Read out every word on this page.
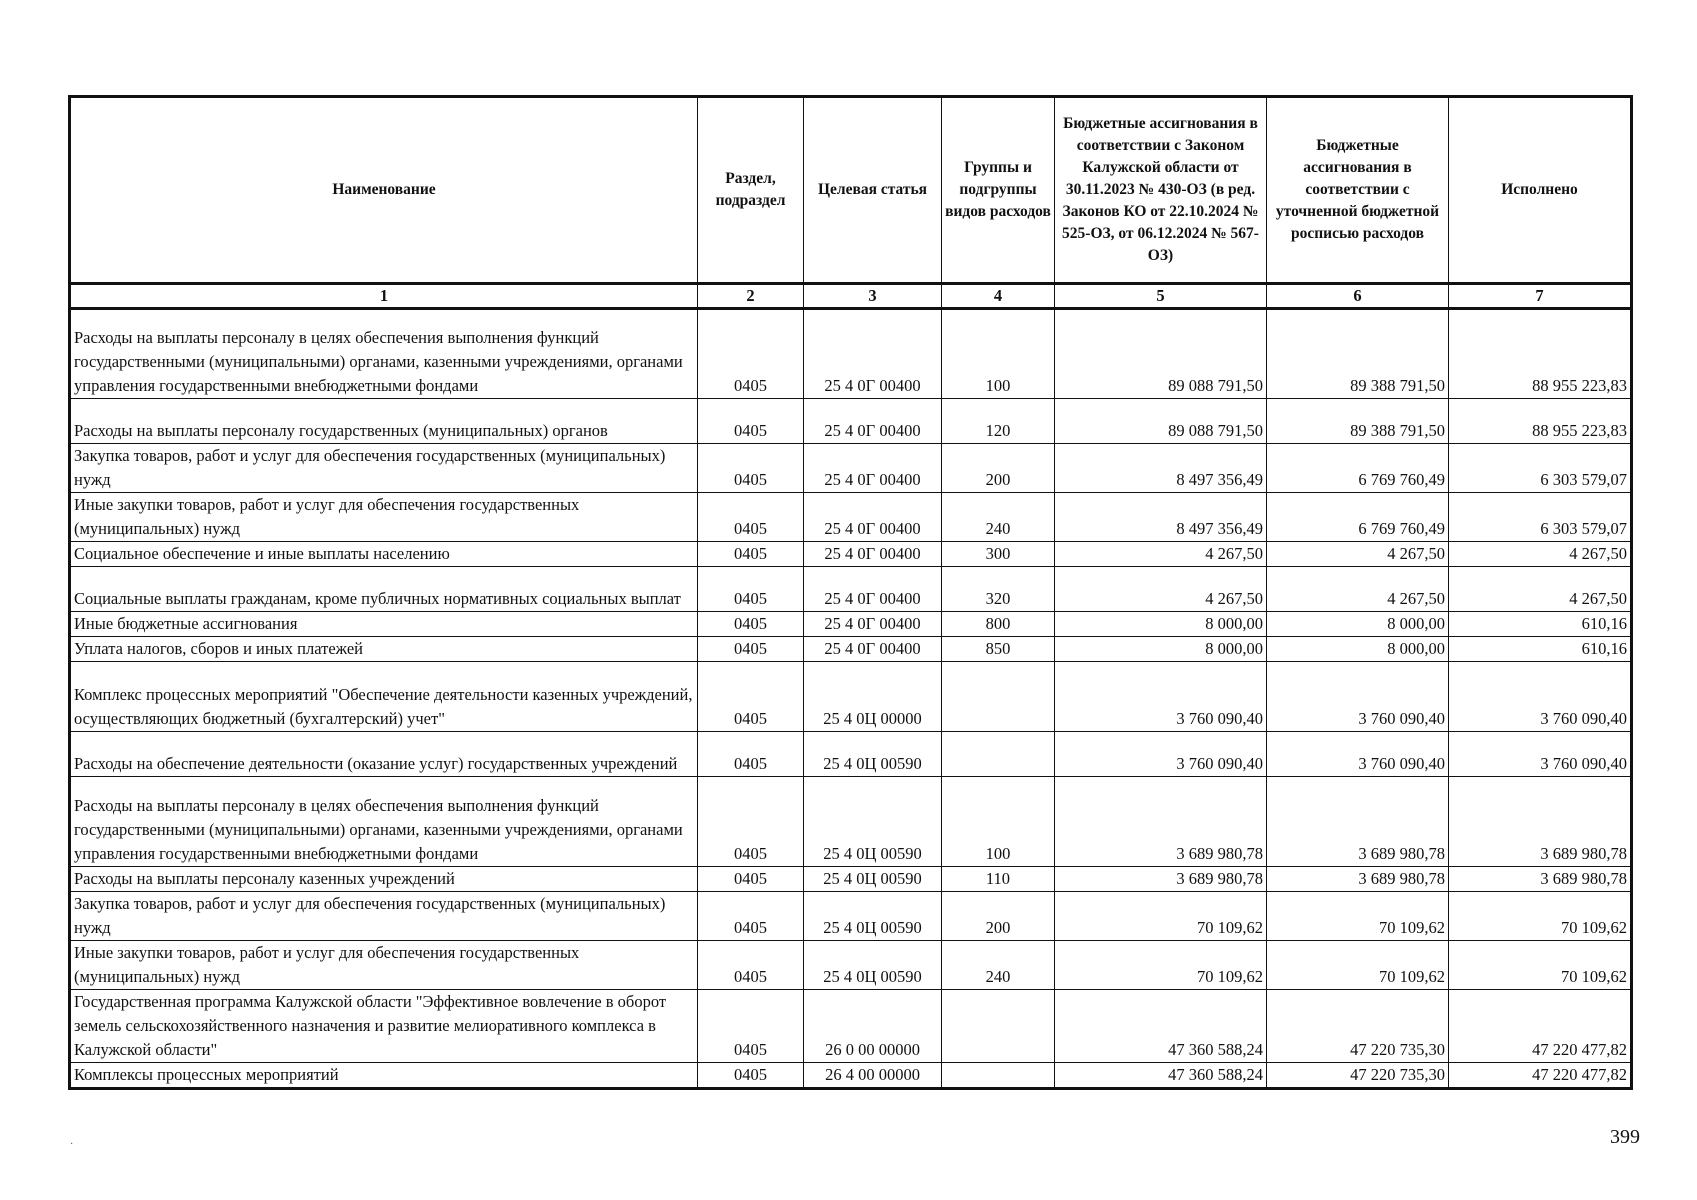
Наименование	Раздел, подраздел	Целевая статья	Группы и подгруппы видов расходов	Бюджетные ассигнования в соответствии с Законом Калужской области от 30.11.2023 № 430-ОЗ (в ред. Законов КО от 22.10.2024 № 525-ОЗ, от 06.12.2024 № 567-ОЗ)	Бюджетные ассигнования в соответствии с уточненной бюджетной росписью расходов	Исполнено
1	2	3	4	5	6	7
Расходы на выплаты персоналу в целях обеспечения выполнения функций государственными (муниципальными) органами, казенными учреждениями, органами управления государственными внебюджетными фондами	0405	25 4 0Г 00400	100	89 088 791,50	89 388 791,50	88 955 223,83
Расходы на выплаты персоналу государственных (муниципальных) органов	0405	25 4 0Г 00400	120	89 088 791,50	89 388 791,50	88 955 223,83
Закупка товаров, работ и услуг для обеспечения государственных (муниципальных) нужд	0405	25 4 0Г 00400	200	8 497 356,49	6 769 760,49	6 303 579,07
Иные закупки товаров, работ и услуг для обеспечения государственных (муниципальных) нужд	0405	25 4 0Г 00400	240	8 497 356,49	6 769 760,49	6 303 579,07
Социальное обеспечение и иные выплаты населению	0405	25 4 0Г 00400	300	4 267,50	4 267,50	4 267,50
Социальные выплаты гражданам, кроме публичных нормативных социальных выплат	0405	25 4 0Г 00400	320	4 267,50	4 267,50	4 267,50
Иные бюджетные ассигнования	0405	25 4 0Г 00400	800	8 000,00	8 000,00	610,16
Уплата налогов, сборов и иных платежей	0405	25 4 0Г 00400	850	8 000,00	8 000,00	610,16
Комплекс процессных мероприятий "Обеспечение деятельности казенных учреждений, осуществляющих бюджетный (бухгалтерский) учет"	0405	25 4 0Ц 00000		3 760 090,40	3 760 090,40	3 760 090,40
Расходы на обеспечение деятельности (оказание услуг) государственных учреждений	0405	25 4 0Ц 00590		3 760 090,40	3 760 090,40	3 760 090,40
Расходы на выплаты персоналу в целях обеспечения выполнения функций государственными (муниципальными) органами, казенными учреждениями, органами управления государственными внебюджетными фондами	0405	25 4 0Ц 00590	100	3 689 980,78	3 689 980,78	3 689 980,78
Расходы на выплаты персоналу казенных учреждений	0405	25 4 0Ц 00590	110	3 689 980,78	3 689 980,78	3 689 980,78
Закупка товаров, работ и услуг для обеспечения государственных (муниципальных) нужд	0405	25 4 0Ц 00590	200	70 109,62	70 109,62	70 109,62
Иные закупки товаров, работ и услуг для обеспечения государственных (муниципальных) нужд	0405	25 4 0Ц 00590	240	70 109,62	70 109,62	70 109,62
Государственная программа Калужской области "Эффективное вовлечение в оборот земель сельскохозяйственного назначения и развитие мелиоративного комплекса в Калужской области"	0405	26 0 00 00000		47 360 588,24	47 220 735,30	47 220 477,82
Комплексы процессных мероприятий	0405	26 4 00 00000		47 360 588,24	47 220 735,30	47 220 477,82
·	399
